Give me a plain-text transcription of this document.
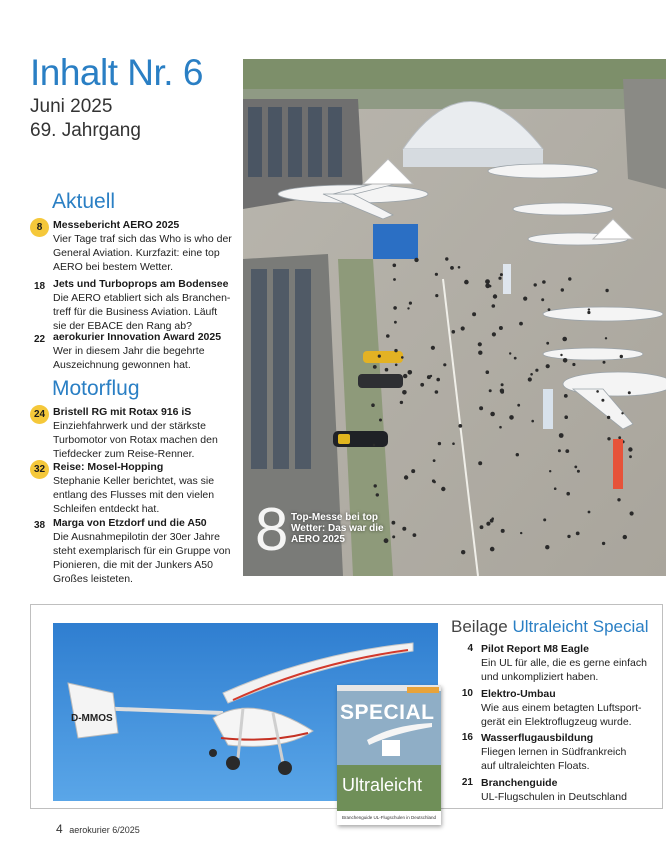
Inhalt Nr. 6
Juni 2025
69. Jahrgang
Aktuell
8	Messebericht AERO 2025
Vier Tage traf sich das Who is who der
General Aviation. Kurzfazit: eine top
AERO bei bestem Wetter.
18 Jets und Turboprops am Bodensee
Die AERO etabliert sich als Branchen-
treff für die Business Aviation. Läuft
sie der EBACE den Rang ab?
22 aerokurier Innovation Award 2025
Wer in diesem Jahr die begehrte
Auszeichnung gewonnen hat.
Motorflug
24 Bristell RG mit Rotax 916 iS
Einziehfahrwerk und der stärkste
Turbomotor von Rotax machen den
Tiefdecker zum Reise-Renner.
32 Reise: Mosel-Hopping
Stephanie Keller berichtet, was sie
entlang des Flusses mit den vielen
Schleifen entdeckt hat.
38 Marga von Etzdorf und die A50
Die Ausnahmepilotin der 30er Jahre
steht exemplarisch für ein Gruppe von
Pionieren, die mit der Junkers A50
Großes leisteten.
8 Top-Messe bei top
Wetter: Das war die
AERO 2025
D-MMOS	SPECIAL
Ultraleicht
Branchenguide UL-Flugschulen in Deutschland
Beilage Ultraleicht Special
4 Pilot Report M8 Eagle
Ein UL für alle, die es gerne einfach
und unkompliziert haben.
10 Elektro-Umbau
Wie aus einem betagten Luftsport-
gerät ein Elektroflugzeug wurde.
16 Wasserflugausbildung
Fliegen lernen in Südfrankreich
auf ultraleichten Floats.
21 Branchenguide
UL-Flugschulen in Deutschland
4 aerokurier 6/2025
